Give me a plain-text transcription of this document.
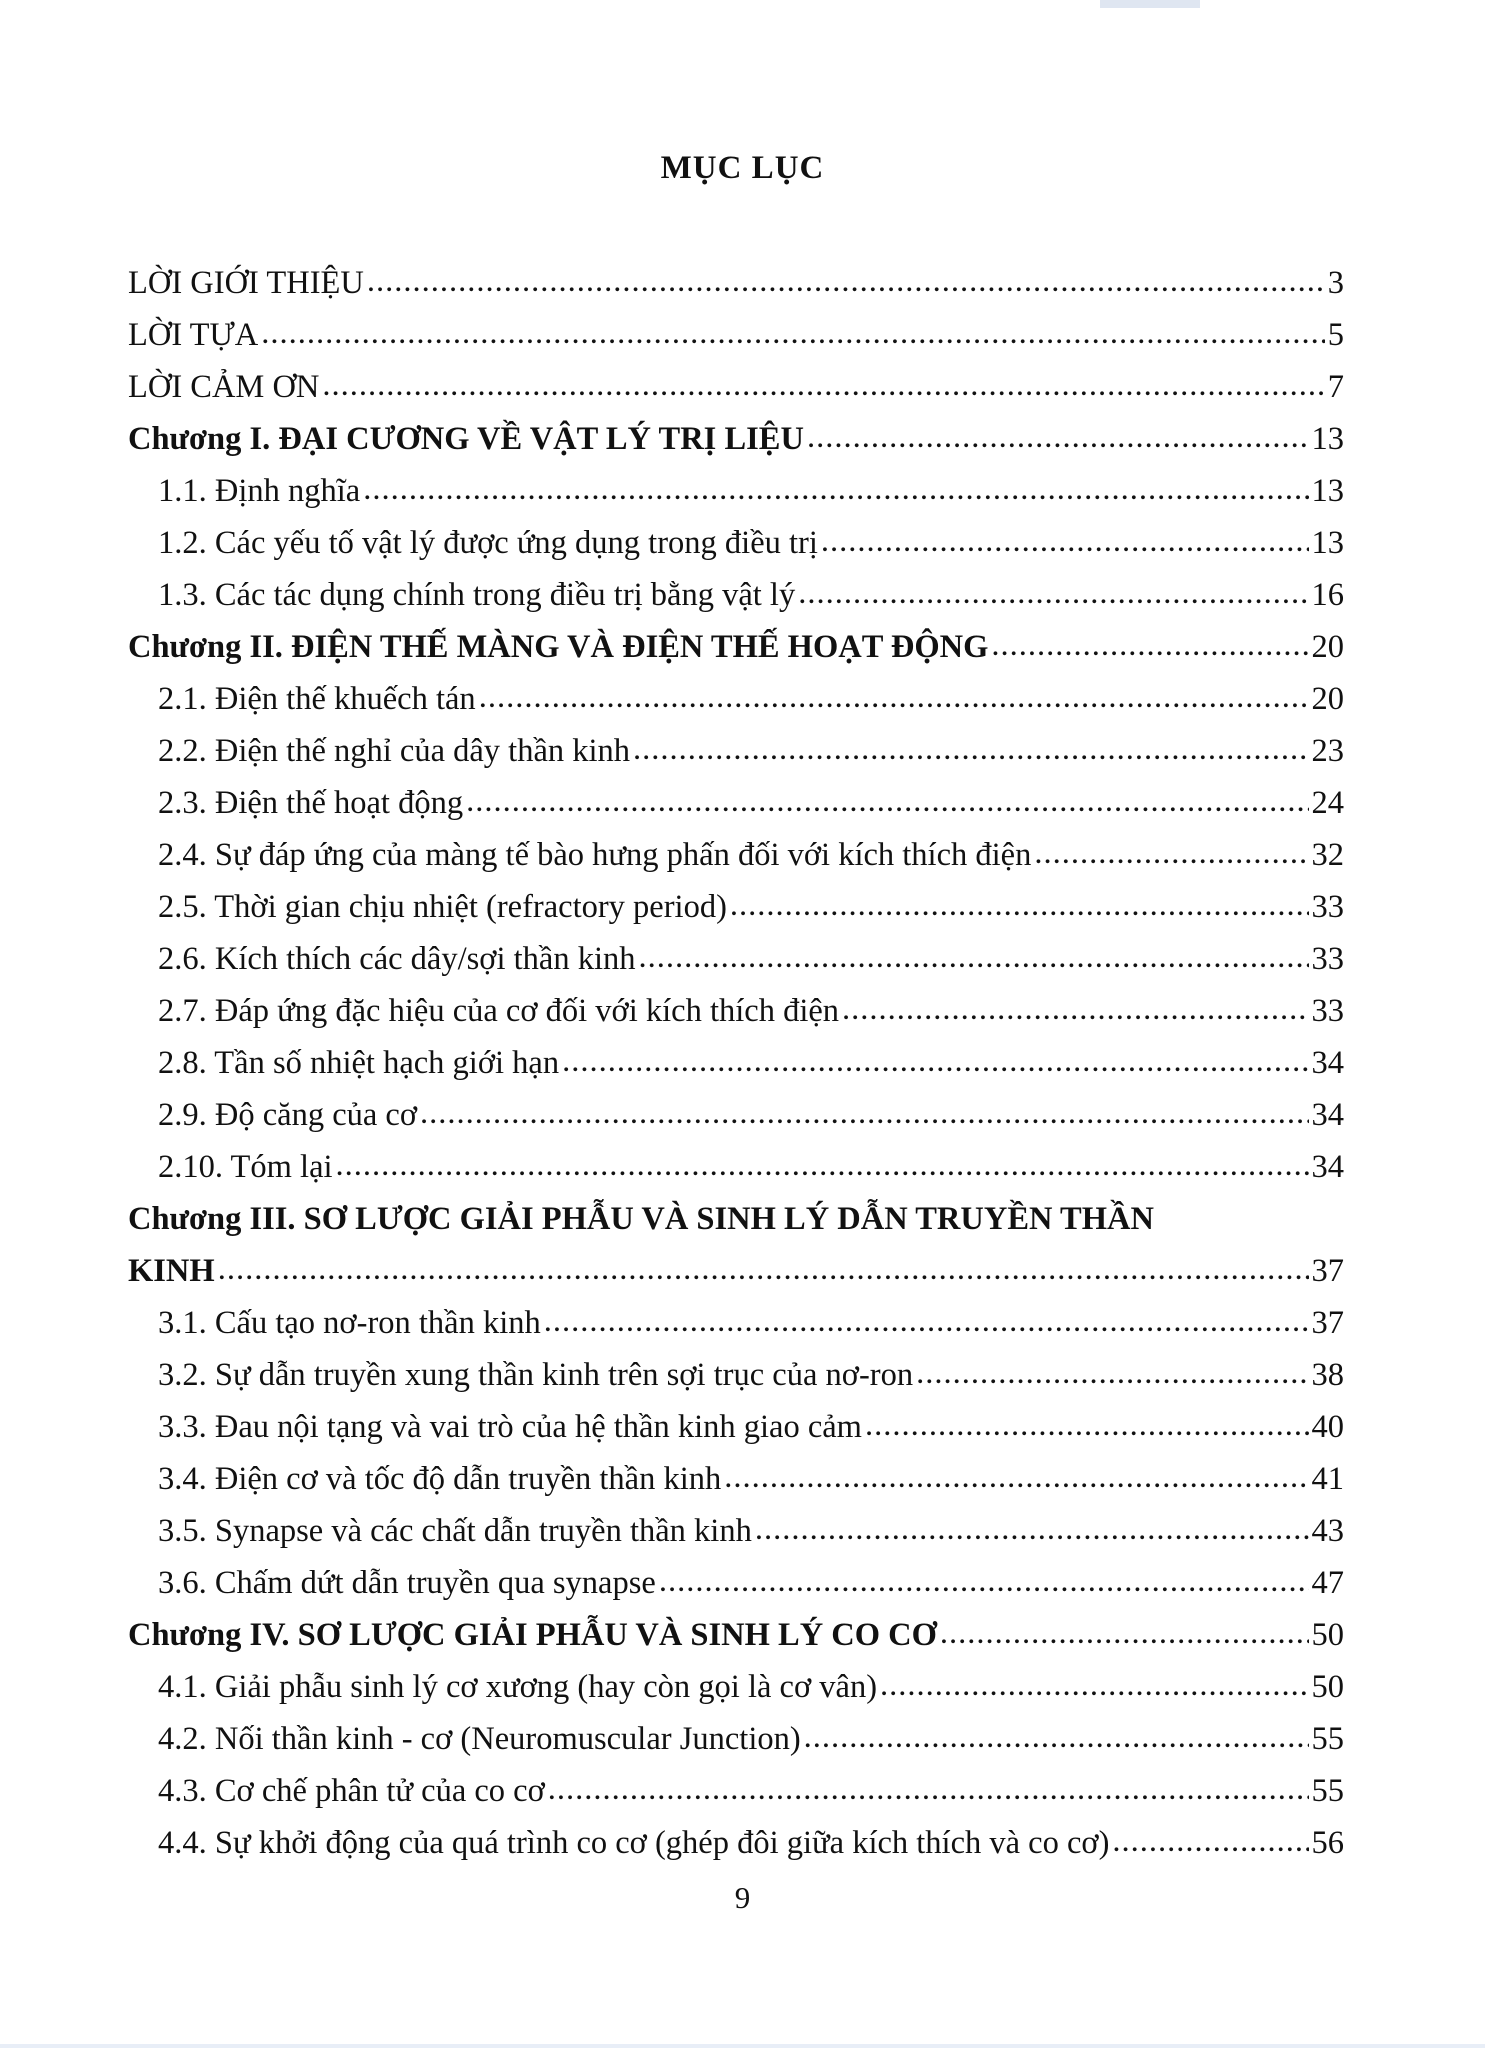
MỤC LỤC
LỜI GIỚI THIỆU .....	3
LỜI TỰA .....	5
LỜI CẢM ƠN .....	7
Chương I. ĐẠI CƯƠNG VỀ VẬT LÝ TRỊ LIỆU .....	13
1.1. Định nghĩa .....	13
1.2. Các yếu tố vật lý được ứng dụng trong điều trị .....	13
1.3. Các tác dụng chính trong điều trị bằng vật lý .....	16
Chương II. ĐIỆN THẾ MÀNG VÀ ĐIỆN THẾ HOẠT ĐỘNG .....	20
2.1. Điện thế khuếch tán .....	20
2.2. Điện thế nghỉ của dây thần kinh .....	23
2.3. Điện thế hoạt động .....	24
2.4. Sự đáp ứng của màng tế bào hưng phấn đối với kích thích điện .....	32
2.5. Thời gian chịu nhiệt (refractory period) .....	33
2.6. Kích thích các dây/sợi thần kinh .....	33
2.7. Đáp ứng đặc hiệu của cơ đối với kích thích điện .....	33
2.8. Tần số nhiệt hạch giới hạn .....	34
2.9. Độ căng của cơ .....	34
2.10. Tóm lại .....	34
Chương III. SƠ LƯỢC GIẢI PHẪU VÀ SINH LÝ DẪN TRUYỀN THẦN
KINH .....	37
3.1. Cấu tạo nơ-ron thần kinh .....	37
3.2. Sự dẫn truyền xung thần kinh trên sợi trục của nơ-ron .....	38
3.3. Đau nội tạng và vai trò của hệ thần kinh giao cảm .....	40
3.4. Điện cơ và tốc độ dẫn truyền thần kinh .....	41
3.5. Synapse và các chất dẫn truyền thần kinh .....	43
3.6. Chấm dứt dẫn truyền qua synapse .....	47
Chương IV. SƠ LƯỢC GIẢI PHẪU VÀ SINH LÝ CO CƠ .....	50
4.1. Giải phẫu sinh lý cơ xương (hay còn gọi là cơ vân) .....	50
4.2. Nối thần kinh - cơ (Neuromuscular Junction) .....	55
4.3. Cơ chế phân tử của co cơ .....	55
4.4. Sự khởi động của quá trình co cơ (ghép đôi giữa kích thích và co cơ) .....	56
9
